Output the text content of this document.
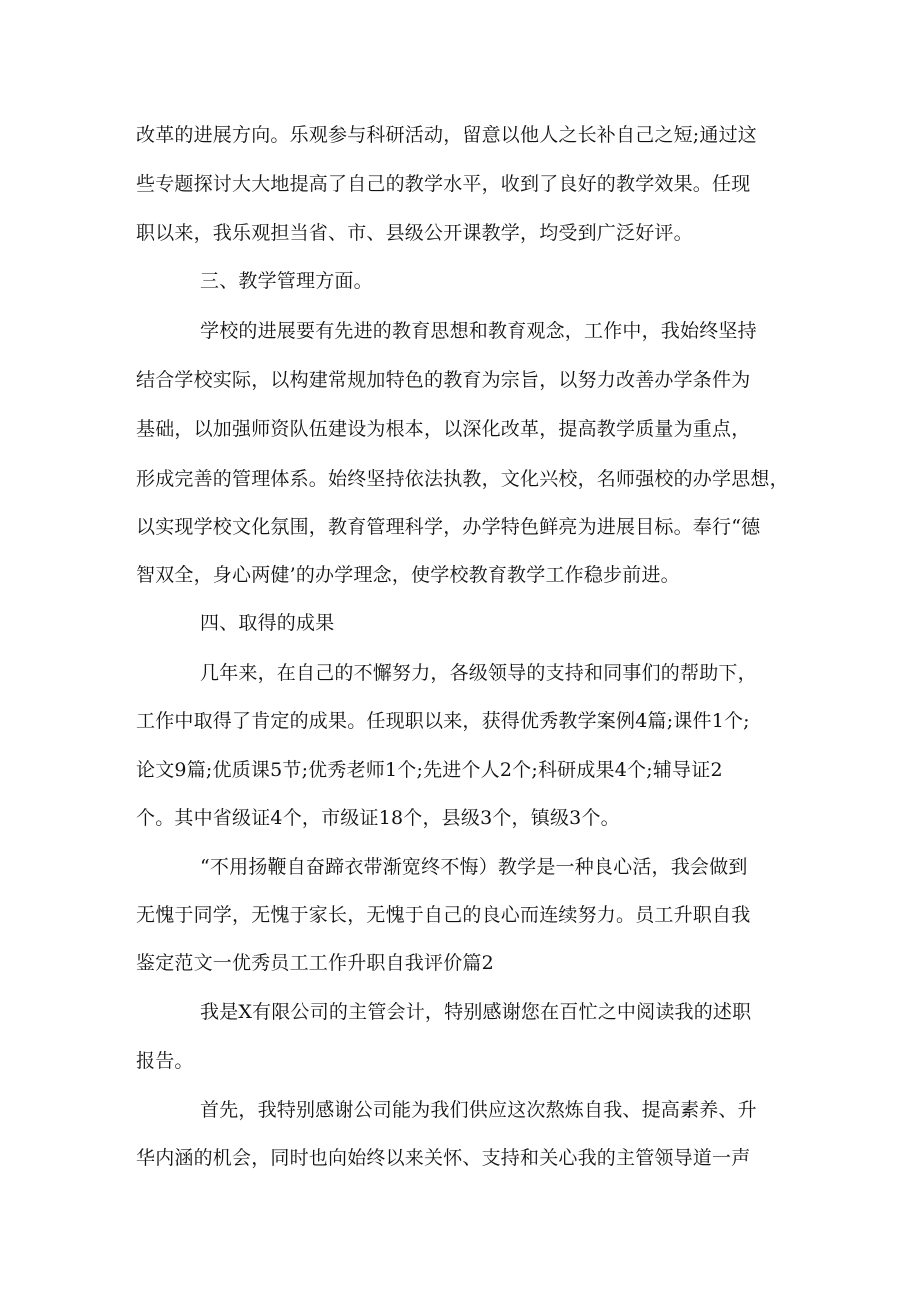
改革的进展方向。乐观参与科研活动，留意以他人之长补自己之短;通过这
些专题探讨大大地提高了自己的教学水平，收到了良好的教学效果。任现
职以来，我乐观担当省、市、县级公开课教学，均受到广泛好评。
三、教学管理方面。
学校的进展要有先进的教育思想和教育观念，工作中，我始终坚持
结合学校实际，以构建常规加特色的教育为宗旨，以努力改善办学条件为
基础，以加强师资队伍建设为根本，以深化改革，提高教学质量为重点，
形成完善的管理体系。始终坚持依法执教，文化兴校，名师强校的办学思想，
以实现学校文化氛围，教育管理科学，办学特色鲜亮为进展目标。奉行“德
智双全，身心两健’的办学理念，使学校教育教学工作稳步前进。
四、取得的成果
几年来，在自己的不懈努力，各级领导的支持和同事们的帮助下，
工作中取得了肯定的成果。任现职以来，获得优秀教学案例4篇;课件1个;
论文9篇;优质课5节;优秀老师1个;先进个人2个;科研成果4个;辅导证2
个。其中省级证4个，市级证18个，县级3个，镇级3个。
“不用扬鞭自奋蹄衣带渐宽终不悔）教学是一种良心活，我会做到
无愧于同学，无愧于家长，无愧于自己的良心而连续努力。员工升职自我
鉴定范文一优秀员工工作升职自我评价篇2
我是X有限公司的主管会计，特别感谢您在百忙之中阅读我的述职
报告。
首先，我特别感谢公司能为我们供应这次熬炼自我、提高素养、升
华内涵的机会，同时也向始终以来关怀、支持和关心我的主管领导道一声
